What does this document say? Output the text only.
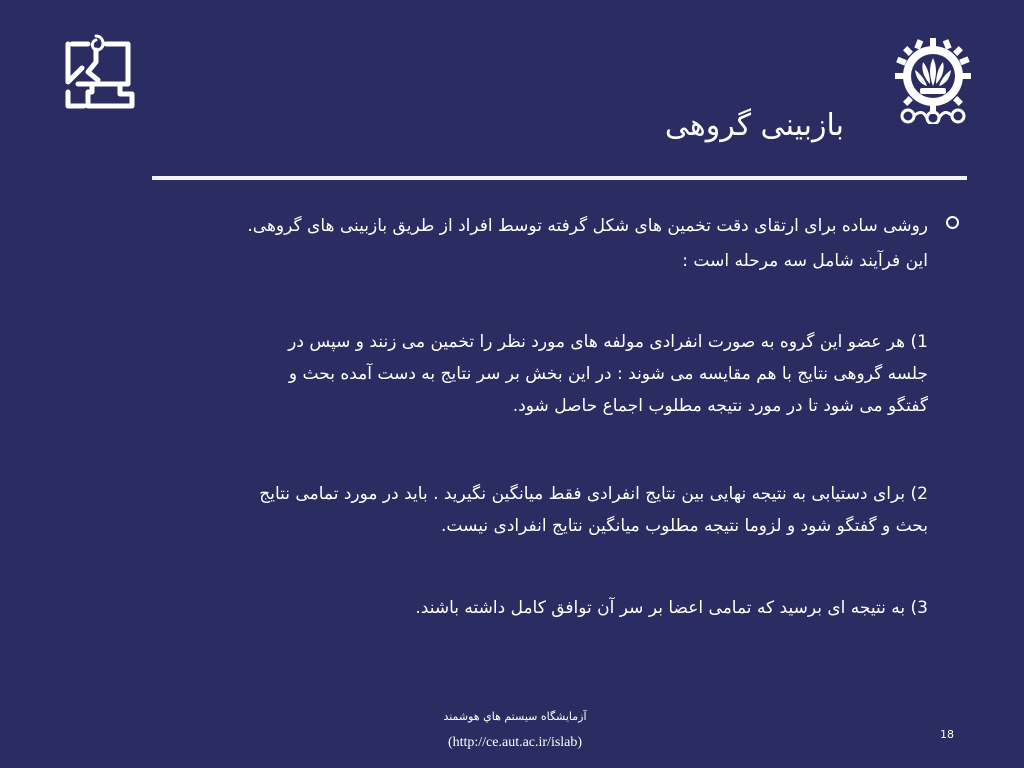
بازبینی گروهی

روشی ساده برای ارتقای دقت تخمین های شکل گرفته توسط افراد از طریق بازبینی های گروهی.

این فرآیند شامل سه مرحله است :

1) هر عضو این گروه به صورت انفرادی مولفه های مورد نظر را تخمین می زنند و سپس در

جلسه گروهی نتایج با هم مقایسه می شوند : در این بخش بر سر نتایج به دست آمده بحث و

گفتگو می شود تا در مورد نتیجه مطلوب اجماع حاصل شود.

2) برای دستیابی به نتیجه نهایی بین نتایج انفرادی فقط میانگین نگیرید . باید در مورد تمامی نتایج

بحث و گفتگو شود و لزوما نتیجه مطلوب میانگین نتایج انفرادی نیست.

3) به نتیجه ای برسید که تمامی اعضا بر سر آن توافق کامل داشته باشند.

آزمايشگاه سيستم هاي هوشمند
(http://ce.aut.ac.ir/islab)
18
